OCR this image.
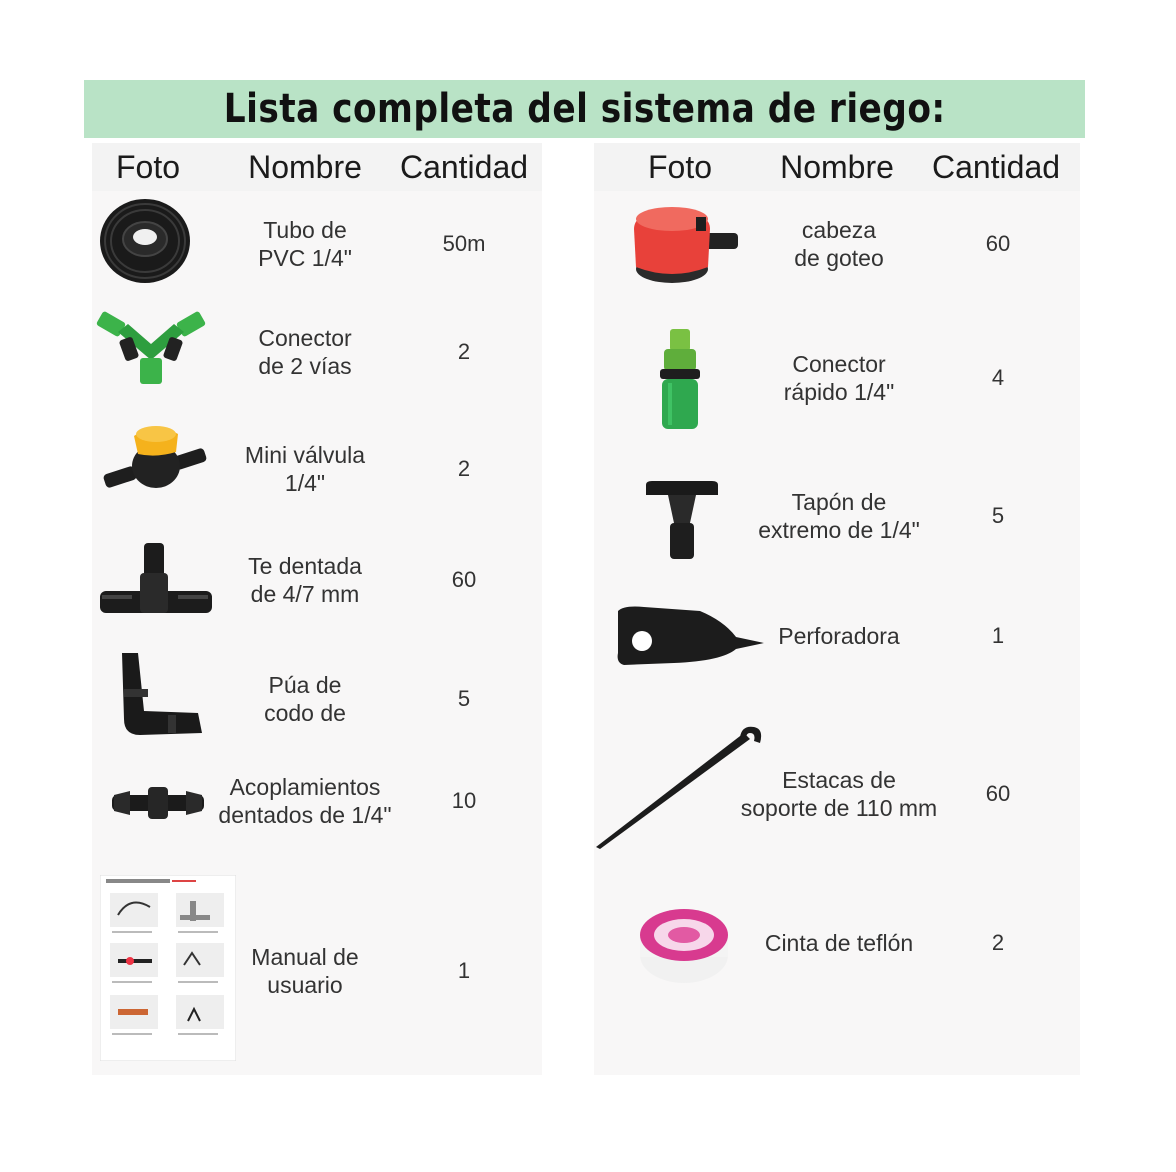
Lista completa del sistema de riego:
Foto Nombre Cantidad
Tubo de
PVC 1/4"
50m
Conector
de 2 vías
2
Mini válvula
1/4"
2
Te dentada
de 4/7 mm
60
Púa de
codo de
5
Acoplamientos
dentados de 1/4"
10
Manual de
usuario
1
Foto Nombre Cantidad
cabeza
de goteo
60
Conector
rápido 1/4"
4
Tapón de
extremo de 1/4"
5
Perforadora	1
Estacas de
soporte de 110 mm
60
Cinta de teflón	2
